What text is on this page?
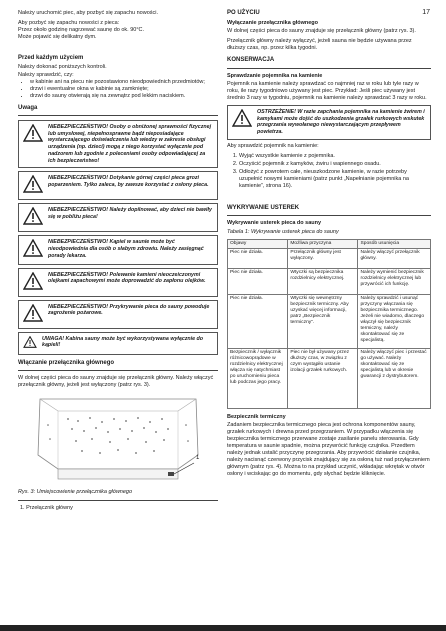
17

Należy uruchomić piec, aby pozbyć się zapachu nowości.

Aby pozbyć się zapachu nowości z pieca:

Przez około godzinę nagrzewać saunę do ok. 90°C.

Może pojawić się delikatny dym.

Przed każdym użyciem

Należy dokonać poniższych kontroli.

Należy sprawdzić, czy:

• w kabinie ani na piecu nie pozostawiono nieodpowiednich przedmiotów;
• drzwi i ewentualne okna w kabinie są zamknięte;
• drzwi do sauny otwierają się na zewnątrz pod lekkim naciskiem.
Uwaga
NIEBEZPIECZEŃSTWO! Osoby o obniżonej sprawności fizycznej lub umysłowej, niepełnosprawne bądź nieposiadające wystarczającego doświadczenia lub wiedzy w zakresie obsługi urządzenia (np. dzieci) mogą z niego korzystać wyłącznie pod nadzorem lub zgodnie z poleceniami osoby odpowiadającej za ich bezpieczeństwo!
NIEBEZPIECZEŃSTWO! Dotykanie górnej części pieca grozi poparzeniem. Tylko zaleca, by zawsze korzystać z osłony pieca.
NIEBEZPIECZEŃSTWO! Należy dopilnować, aby dzieci nie bawiły się w pobliżu pieca!
NIEBEZPIECZEŃSTWO! Kąpiel w saunie może być nieodpowiednia dla osób o słabym zdrowiu. Należy zasięgnąć porady lekarza.
NIEBEZPIECZEŃSTWO! Polewanie kamieni nieoczeiczonymi olejkami zapachowymi może doprowadzić do zapłonu olejków.
NIEBEZPIECZEŃSTWO! Przykrywanie pieca do sauny powoduje zagrożenie pożarowe.
UWAGA! Kabina sauny może być wykorzystywana wyłącznie do kąpieli!
Włączanie przełącznika głównego

W dolnej części pieca do sauny znajduje się przełącznik główny. Należy włączyć przełącznik główny, jeżeli jest wyłączony (patrz rys. 3).

1
Rys. 3: Umiejscowienie przełącznika głównego

1. Przełącznik główny

PO UŻYCIU
Wyłączanie przełącznika głównego

W dolnej części pieca do sauny znajduje się przełącznik główny (patrz rys. 3).

Przełącznik główny należy wyłączyć, jeżeli sauna nie będzie używana przez dłuższy czas, np. przez kilka tygodni.

KONSERWACJA
Sprawdzanie pojemnika na kamienie

Pojemnik na kamienie należy sprawdzać co najmniej raz w roku lub tyle razy w roku, ile razy tygodniowo używany jest piec. Przykład: Jeśli piec używany jest średnio 3 razy w tygodniu, pojemnik na kamienie należy sprawdzać 3 razy w roku.

OSTRZEŻENIE! W razie zapchania pojemnika na kamienie żwirem i kamykami może dojść do uszkodzenia grzałek rurkowych wskutek przegrzania wywołanego niewystarczającym przepływem powietrza.

Aby sprawdzić pojemnik na kamienie:

1. Wyjąć wszystkie kamienie z pojemnika.
2. Oczyścić pojemnik z kamyków, żwiru i wapiennego osadu.
3. Odłożyć z powrotem całe, nieuszkodzone kamienie, w razie potrzeby uzupełnić nowymi kamieniami (patrz punkt „Napełnianie pojemnika na kamienie”, strona 16).
WYKRYWANIE USTEREK
Wykrywanie usterek pieca do sauny
Tabela 1: Wykrywanie usterek pieca do sauny
Objawy	Możliwa przyczyna	Sposób usunięcia
Piec nie działa.	Przełącznik główny jest wyłączony.	Należy włączyć przełącznik główny.
Piec nie działa.	Wtyczki są bezpiecznika rozdzielnicy elektrycznej.	Należy wymienić bezpiecznik rozdzielnicy elektrycznej lub przywrócić ich funkcję.
Piec nie działa.	Wtyczki się wewnętrzny bezpiecznik termiczny. Aby uzyskać więcej informacji, patrz „Bezpiecznik termiczny”.	Należy sprawdzić i usunąć przyczyny włączania się bezpiecznika termicznego. Jeżeli nie wiadomo, dlaczego włączył się bezpiecznik termiczny, należy skontaktować się ze specjalistą.
Bezpiecznik / wyłącznik różnicowoprądowe w rozdzielnicy elektrycznej włącza się natychmiast po uruchomieniu pieca lub podczas jego pracy.	Piec nie był używany przez dłuższy czas, w związku z czym wystąpiło ustanie izolacji grzałek rurkowych.	Należy włączyć piec i przestać go używać. Należy skontaktować się ze specjalistą lub w okresie gwarancji z dystrybutorem.
Bezpiecznik termiczny

Zadaniem bezpiecznika termicznego pieca jest ochrona komponentów sauny, grzałek rurkowych i drewna przed przegrzaniem. W przypadku włączenia się bezpiecznika termicznego przerwane zostaje zasilanie panelu sterowania. Gdy temperatura w saunie spadnie, można przywrócić funkcję czujnika. Przedtem należy jednak ustalić przyczynę przegrzania. Aby przywrócić działanie czujnika, należy nacisnąć czerwony przycisk znajdujący się za osłoną tuż nad przyłączeniem głównym (patrz rys. 4). Można to na przykład uczynić, wkładając wkrętak w otwór osłony i wciskając go do momentu, gdy słychać będzie kliknięcie.
